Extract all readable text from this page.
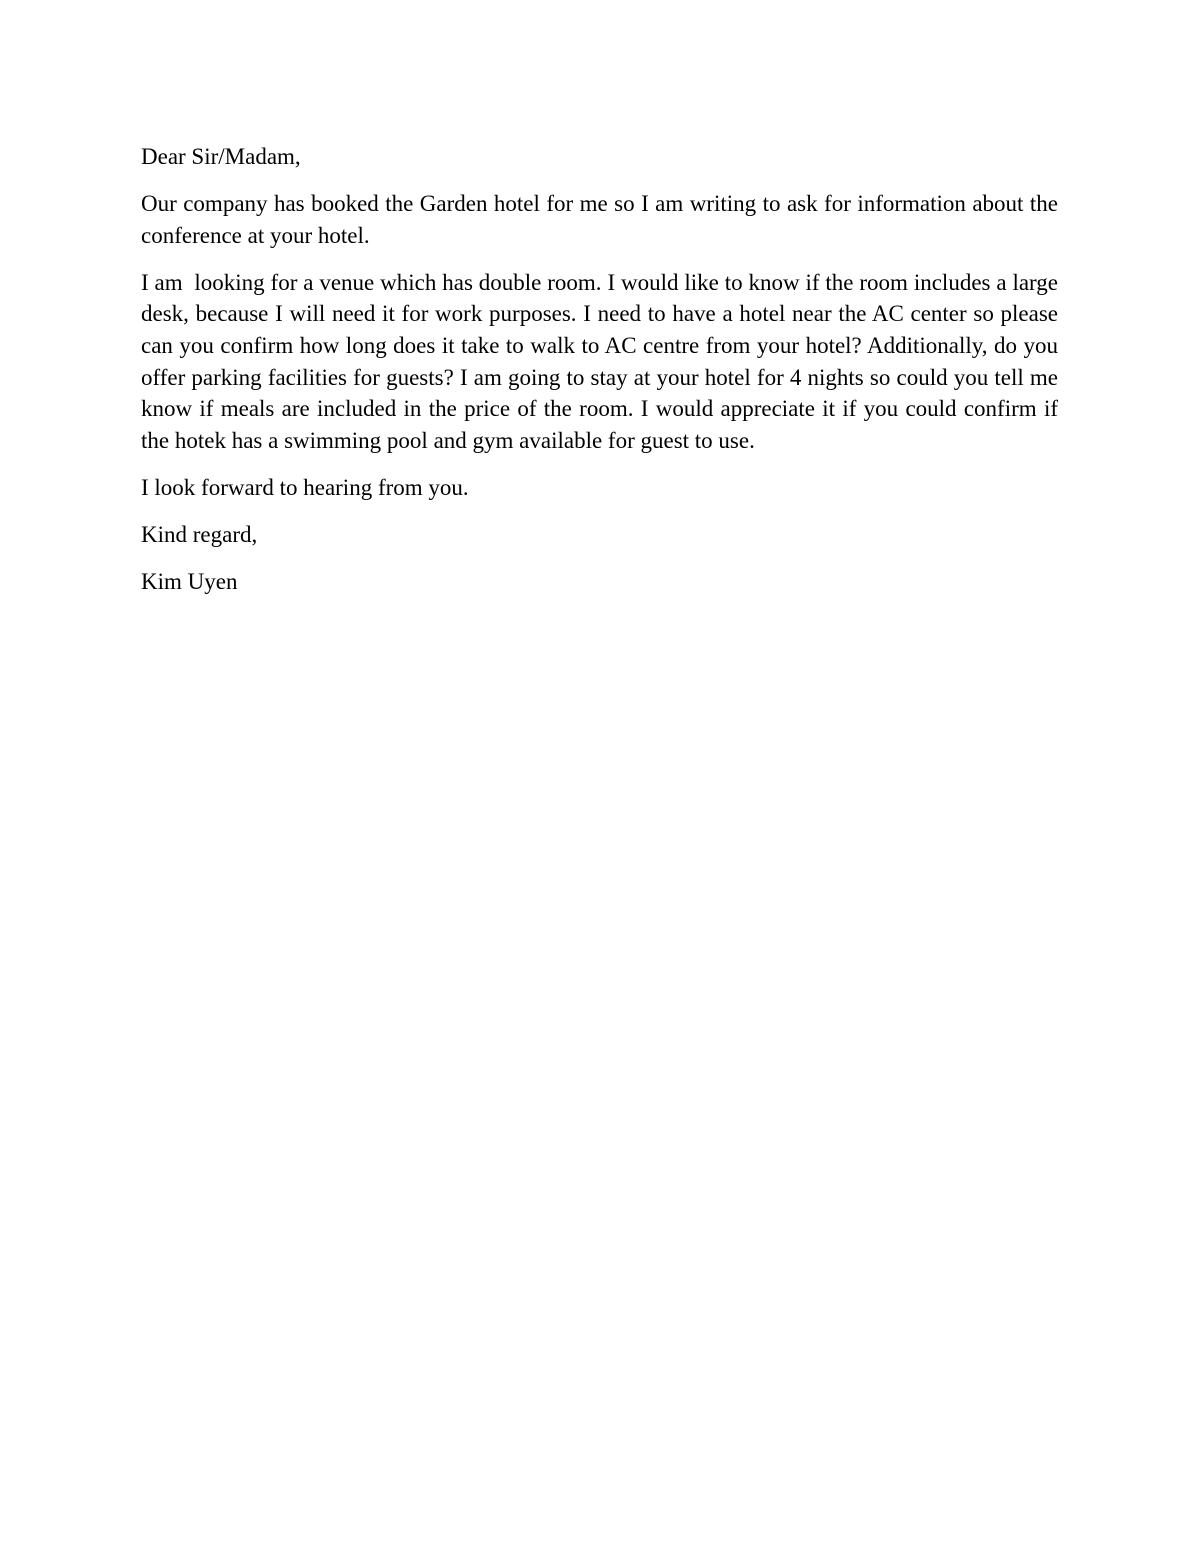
Dear Sir/Madam,

Our company has booked the Garden hotel for me so I am writing to ask for information about the conference at your hotel.

I am  looking for a venue which has double room. I would like to know if the room includes a large desk, because I will need it for work purposes. I need to have a hotel near the AC center so please can you confirm how long does it take to walk to AC centre from your hotel? Additionally, do you offer parking facilities for guests? I am going to stay at your hotel for 4 nights so could you tell me know if meals are included in the price of the room. I would appreciate it if you could confirm if the hotek has a swimming pool and gym available for guest to use.

I look forward to hearing from you.

Kind regard,

Kim Uyen
